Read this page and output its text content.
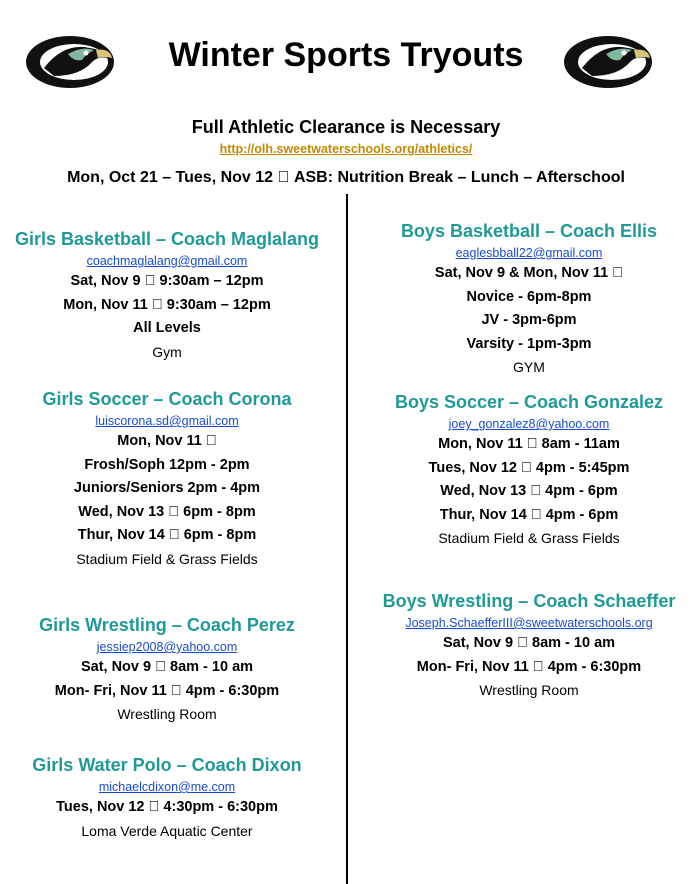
Winter Sports Tryouts
Full Athletic Clearance is Necessary
http://olh.sweetwaterschools.org/athletics/
Mon, Oct 21 – Tues, Nov 12 ASB: Nutrition Break – Lunch – Afterschool
Girls Basketball – Coach Maglalang
coachmaglalang@gmail.com
Sat, Nov 9 9:30am – 12pm
Mon, Nov 11 9:30am – 12pm
All Levels
Gym
Girls Soccer – Coach Corona
luiscorona.sd@gmail.com
Mon, Nov 11
Frosh/Soph 12pm - 2pm
Juniors/Seniors 2pm - 4pm
Wed, Nov 13 6pm - 8pm
Thur, Nov 14 6pm - 8pm
Stadium Field & Grass Fields
Girls Wrestling – Coach Perez
jessiep2008@yahoo.com
Sat, Nov 9 8am - 10 am
Mon- Fri, Nov 11 4pm - 6:30pm
Wrestling Room
Girls Water Polo – Coach Dixon
michaelcdixon@me.com
Tues, Nov 12 4:30pm - 6:30pm
Loma Verde Aquatic Center
Boys Basketball – Coach Ellis
eaglesbball22@gmail.com
Sat, Nov 9 & Mon, Nov 11
Novice - 6pm-8pm
JV - 3pm-6pm
Varsity - 1pm-3pm
GYM
Boys Soccer – Coach Gonzalez
joey_gonzalez8@yahoo.com
Mon, Nov 11 8am - 11am
Tues, Nov 12 4pm - 5:45pm
Wed, Nov 13 4pm - 6pm
Thur, Nov 14 4pm - 6pm
Stadium Field & Grass Fields
Boys Wrestling – Coach Schaeffer
Joseph.SchaefferIII@sweetwaterschools.org
Sat, Nov 9 8am - 10 am
Mon- Fri, Nov 11 4pm - 6:30pm
Wrestling Room
